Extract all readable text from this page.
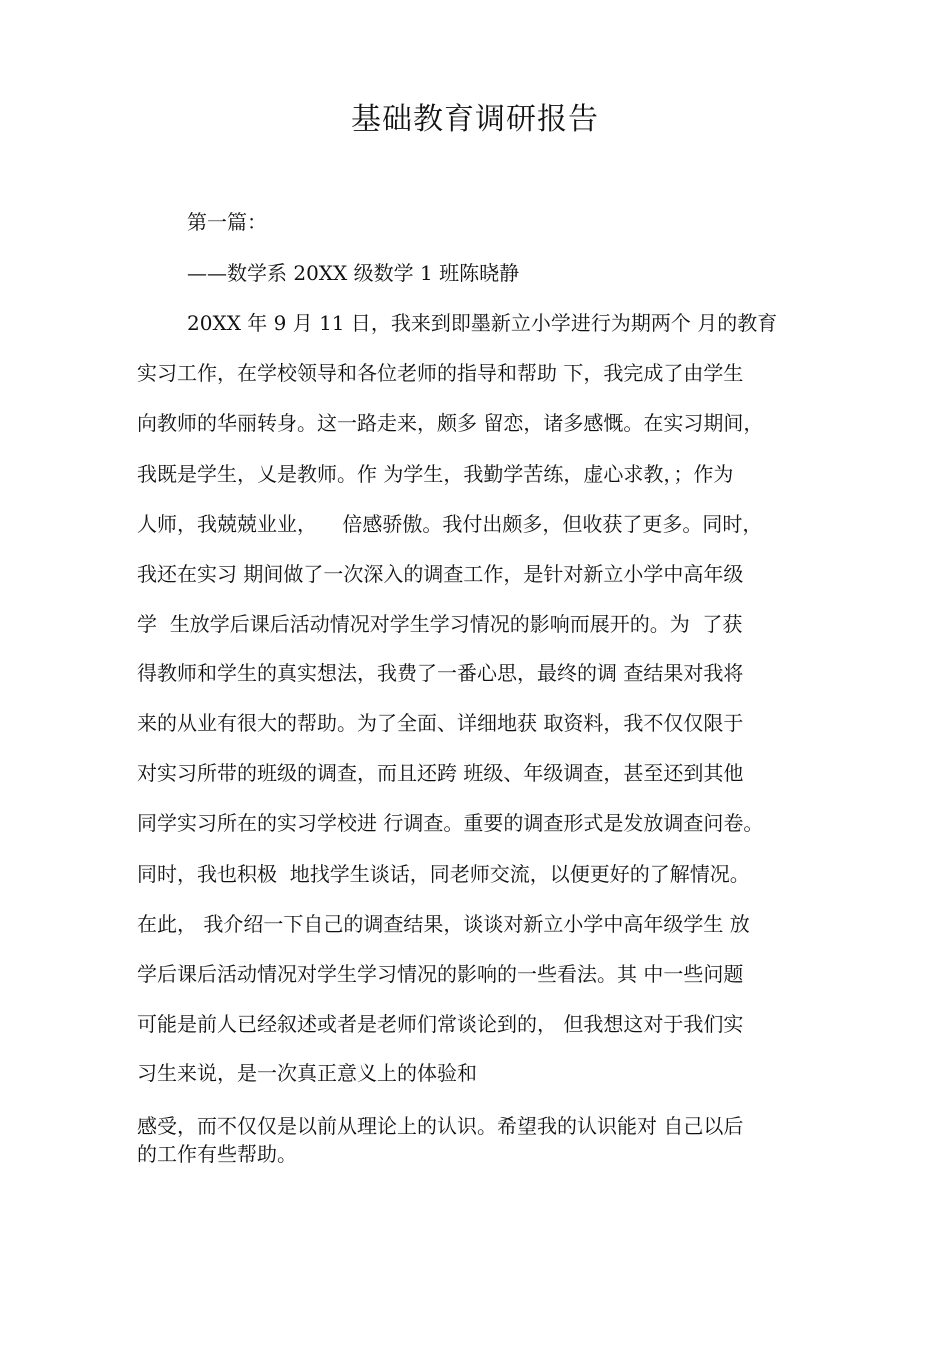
基础教育调研报告

第一篇：

——数学系 20XX 级数学 1 班陈晓静

20XX 年 9 月 11 日，我来到即墨新立小学进行为期两个 月的教育

实习工作，在学校领导和各位老师的指导和帮助 下，我完成了由学生

向教师的华丽转身。这一路走来，颇多 留恋，诸多感慨。在实习期间，

我既是学生，乂是教师。作 为学生，我勤学苦练，虚心求教，；作为

人师，我兢兢业业，    倍感骄傲。我付出颇多，但收获了更多。同时，

我还在实习 期间做了一次深入的调查工作，是针对新立小学中高年级

学  生放学后课后活动情况对学生学习情况的影响而展开的。为  了获

得教师和学生的真实想法，我费了一番心思，最终的调 查结果对我将

来的从业有很大的帮助。为了全面、详细地获 取资料，我不仅仅限于

对实习所带的班级的调查，而且还跨 班级、年级调查，甚至还到其他

同学实习所在的实习学校进 行调查。重要的调查形式是发放调查问卷。

同时，我也积极  地找学生谈话，同老师交流，以便更好的了解情况。

在此， 我介绍一下自己的调查结果，谈谈对新立小学中高年级学生 放

学后课后活动情况对学生学习情况的影响的一些看法。其 中一些问题

可能是前人已经叙述或者是老师们常谈论到的， 但我想这对于我们实

习生来说，是一次真正意义上的体验和

感受，而不仅仅是以前从理论上的认识。希望我的认识能对 自己以后

的工作有些帮助。
